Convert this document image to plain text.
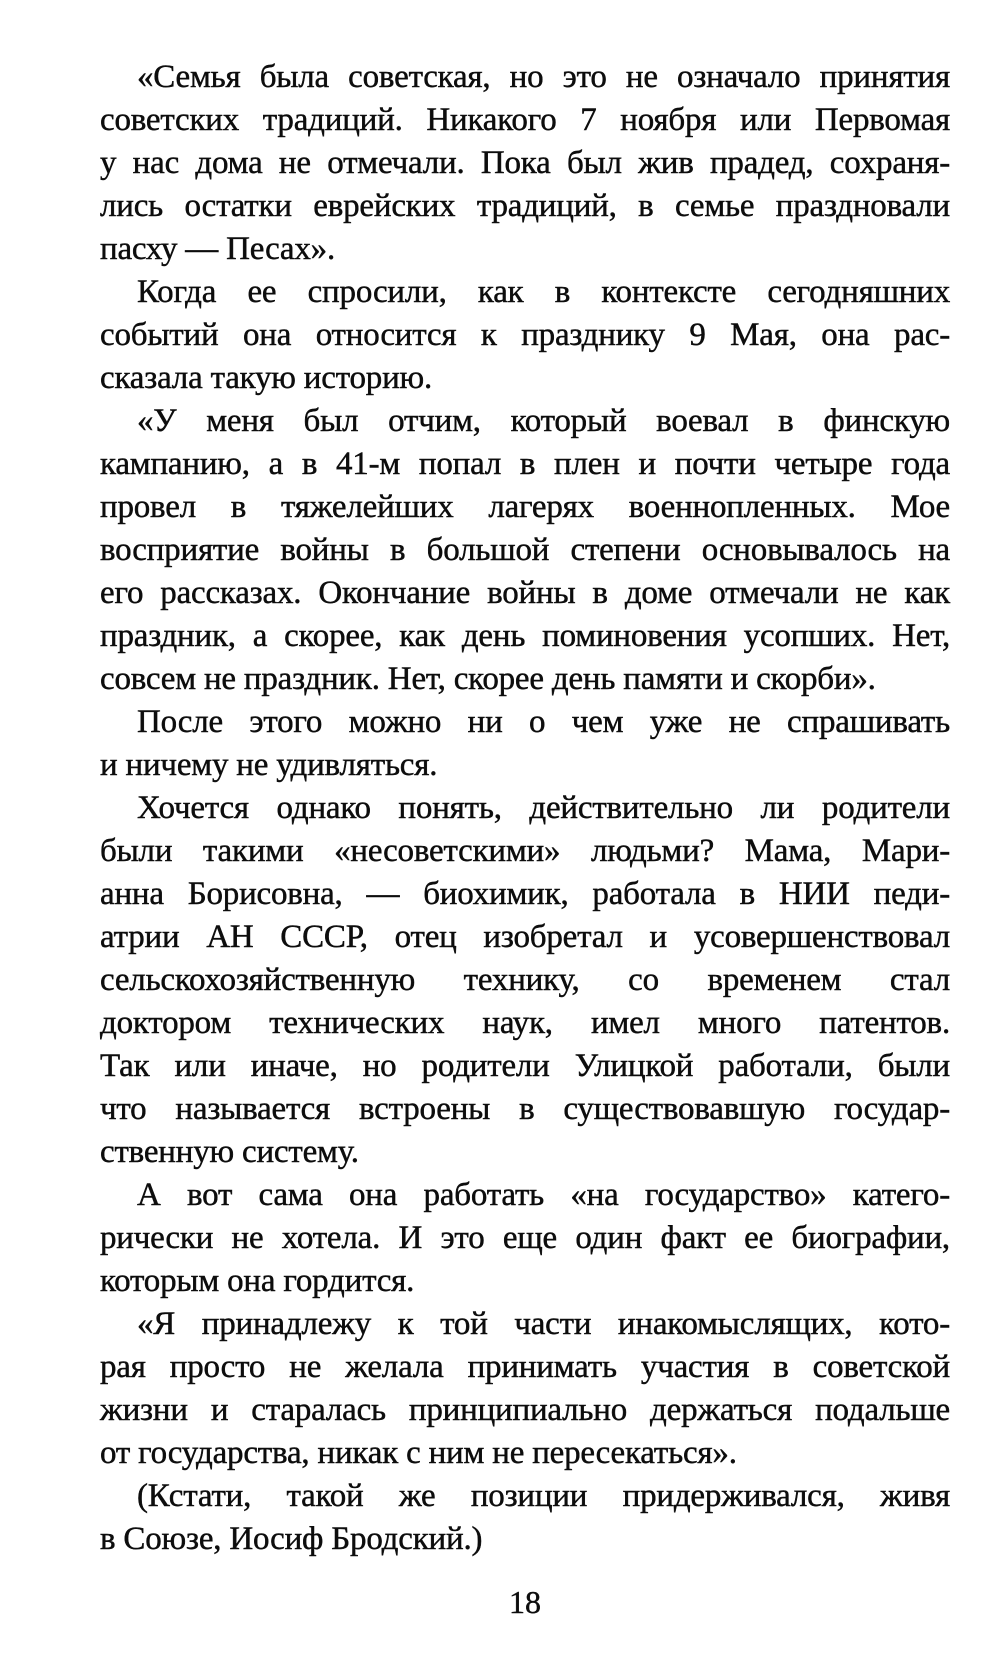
«Семья была советская, но это не означало принятия
советских традиций. Никакого 7 ноября или Первомая
у нас дома не отмечали. Пока был жив прадед, сохраня-
лись остатки еврейских традиций, в семье праздновали
пасху — Песах».
Когда ее спросили, как в контексте сегодняшних
событий она относится к празднику 9 Мая, она рас-
сказала такую историю.
«У меня был отчим, который воевал в финскую
кампанию, а в 41-м попал в плен и почти четыре года
провел в тяжелейших лагерях военнопленных. Мое
восприятие войны в большой степени основывалось на
его рассказах. Окончание войны в доме отмечали не как
праздник, а скорее, как день поминовения усопших. Нет,
совсем не праздник. Нет, скорее день памяти и скорби».
После этого можно ни о чем уже не спрашивать
и ничему не удивляться.
Хочется однако понять, действительно ли родители
были такими «несоветскими» людьми? Мама, Мари-
анна Борисовна, — биохимик, работала в НИИ педи-
атрии АН СССР, отец изобретал и усовершенствовал
сельскохозяйственную технику, со временем стал
доктором технических наук, имел много патентов.
Так или иначе, но родители Улицкой работали, были
что называется встроены в существовавшую государ-
ственную систему.
А вот сама она работать «на государство» катего-
рически не хотела. И это еще один факт ее биографии,
которым она гордится.
«Я принадлежу к той части инакомыслящих, кото-
рая просто не желала принимать участия в советской
жизни и старалась принципиально держаться подальше
от государства, никак с ним не пересекаться».
(Кстати, такой же позиции придерживался, живя
в Союзе, Иосиф Бродский.)
18
